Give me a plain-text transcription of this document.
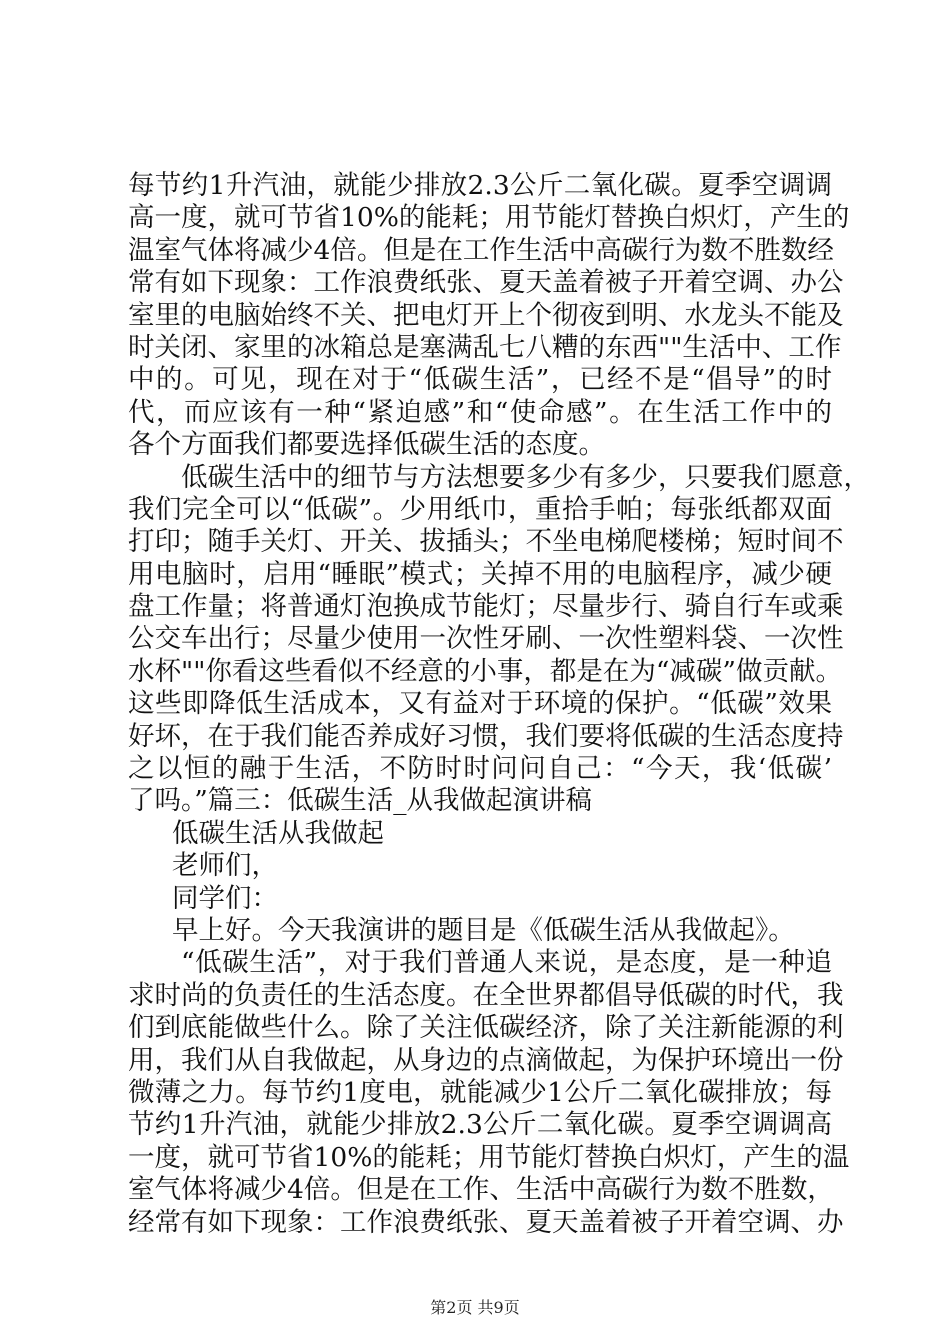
每节约1升汽油，就能少排放2.3公斤二氧化碳。夏季空调调
高一度，就可节省10%的能耗；用节能灯替换白炽灯，产生的
温室气体将减少4倍。但是在工作生活中高碳行为数不胜数经
常有如下现象：工作浪费纸张、夏天盖着被子开着空调、办公
室里的电脑始终不关、把电灯开上个彻夜到明、水龙头不能及
时关闭、家里的冰箱总是塞满乱七八糟的东西""生活中、工作
中的。可见，现在对于“低碳生活”，已经不是“倡导”的时
代，而应该有一种“紧迫感”和“使命感”。在生活工作中的
各个方面我们都要选择低碳生活的态度。
低碳生活中的细节与方法想要多少有多少，只要我们愿意，
我们完全可以“低碳”。少用纸巾，重拾手帕；每张纸都双面
打印；随手关灯、开关、拔插头；不坐电梯爬楼梯；短时间不
用电脑时，启用“睡眠”模式；关掉不用的电脑程序，减少硬
盘工作量；将普通灯泡换成节能灯；尽量步行、骑自行车或乘
公交车出行；尽量少使用一次性牙刷、一次性塑料袋、一次性
水杯""你看这些看似不经意的小事，都是在为“减碳”做贡献。
这些即降低生活成本，又有益对于环境的保护。“低碳”效果
好坏，在于我们能否养成好习惯，我们要将低碳的生活态度持
之以恒的融于生活，不防时时问问自己：“今天，我‘低碳’
了吗。”篇三：低碳生活_从我做起演讲稿
低碳生活从我做起
老师们，
同学们：
早上好。今天我演讲的题目是《低碳生活从我做起》。
“低碳生活”，对于我们普通人来说，是态度，是一种追
求时尚的负责任的生活态度。在全世界都倡导低碳的时代，我
们到底能做些什么。除了关注低碳经济，除了关注新能源的利
用，我们从自我做起，从身边的点滴做起，为保护环境出一份
微薄之力。每节约1度电，就能减少1公斤二氧化碳排放；每
节约1升汽油，就能少排放2.3公斤二氧化碳。夏季空调调高
一度，就可节省10%的能耗；用节能灯替换白炽灯，产生的温
室气体将减少4倍。但是在工作、生活中高碳行为数不胜数，
经常有如下现象：工作浪费纸张、夏天盖着被子开着空调、办
第2页 共9页
